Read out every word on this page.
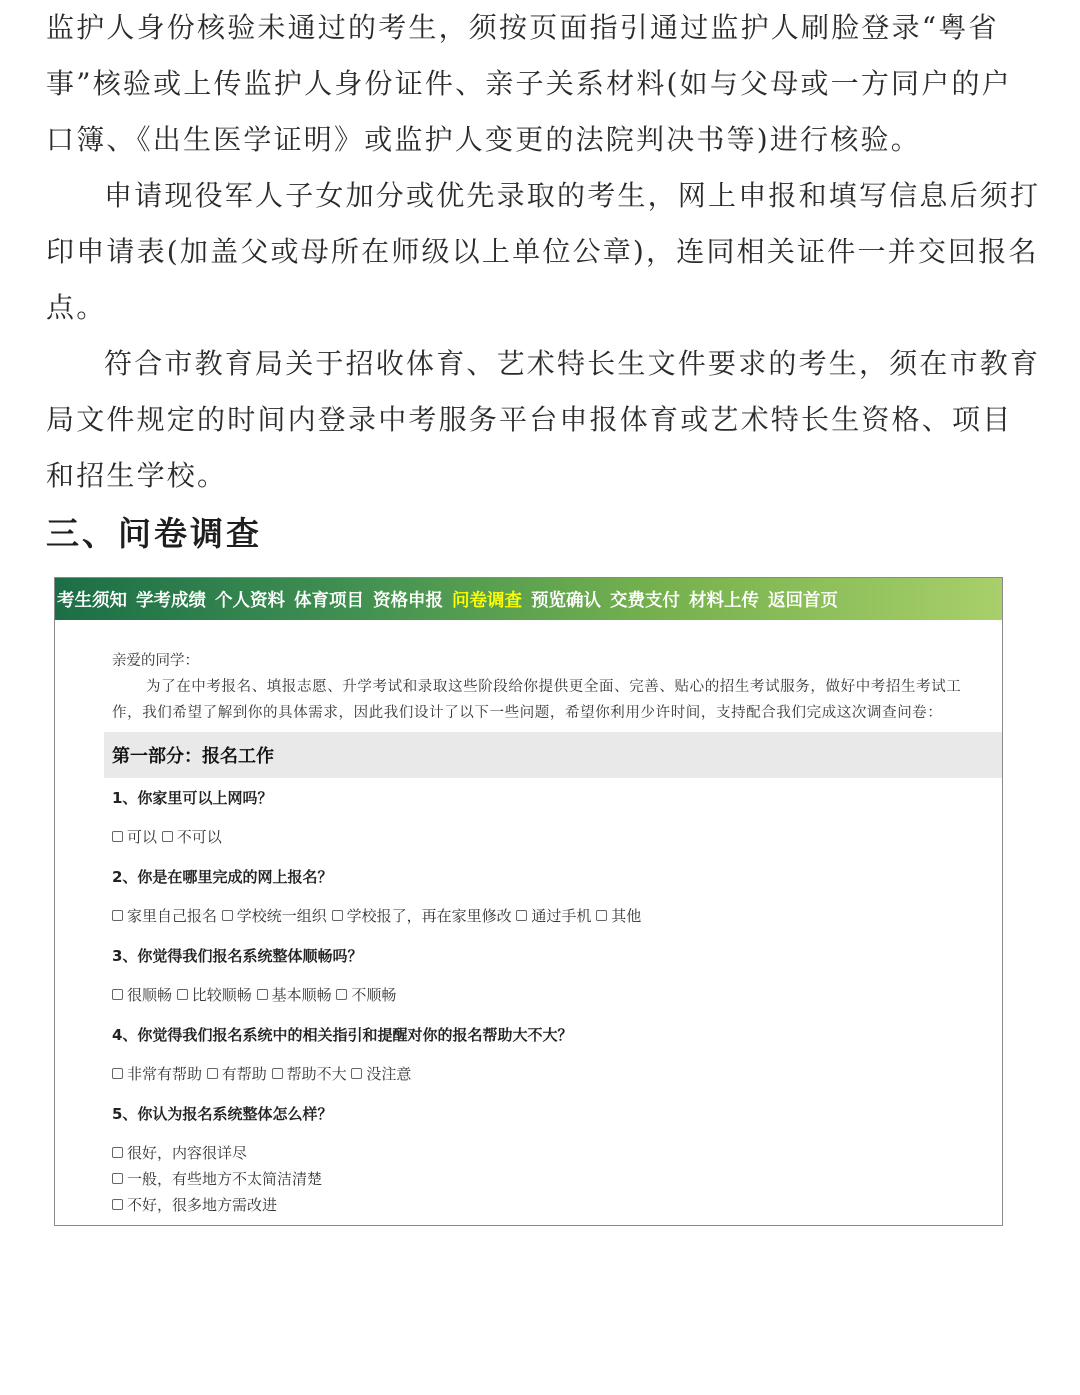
监护人身份核验未通过的考生，须按页面指引通过监护人刷脸登录“粤省事”核验或上传监护人身份证件、亲子关系材料(如与父母或一方同户的户口簿、《出生医学证明》或监护人变更的法院判决书等)进行核验。

申请现役军人子女加分或优先录取的考生，网上申报和填写信息后须打印申请表(加盖父或母所在师级以上单位公章)，连同相关证件一并交回报名点。

符合市教育局关于招收体育、艺术特长生文件要求的考生，须在市教育局文件规定的时间内登录中考服务平台申报体育或艺术特长生资格、项目和招生学校。

三、问卷调查
考生须知 学考成绩 个人资料 体育项目 资格申报 问卷调查 预览确认 交费支付 材料上传 返回首页

亲爱的同学：

为了在中考报名、填报志愿、升学考试和录取这些阶段给你提供更全面、完善、贴心的招生考试服务，做好中考招生考试工作，我们希望了解到你的具体需求，因此我们设计了以下一些问题，希望你利用少许时间，支持配合我们完成这次调查问卷：

第一部分：报名工作

1、你家里可以上网吗？

可以 不可以

2、你是在哪里完成的网上报名？

家里自己报名 学校统一组织 学校报了，再在家里修改 通过手机 其他

3、你觉得我们报名系统整体顺畅吗？

很顺畅 比较顺畅 基本顺畅 不顺畅

4、你觉得我们报名系统中的相关指引和提醒对你的报名帮助大不大？

非常有帮助 有帮助 帮助不大 没注意

5、你认为报名系统整体怎么样？

很好，内容很详尽
一般，有些地方不太简洁清楚
不好，很多地方需改进
